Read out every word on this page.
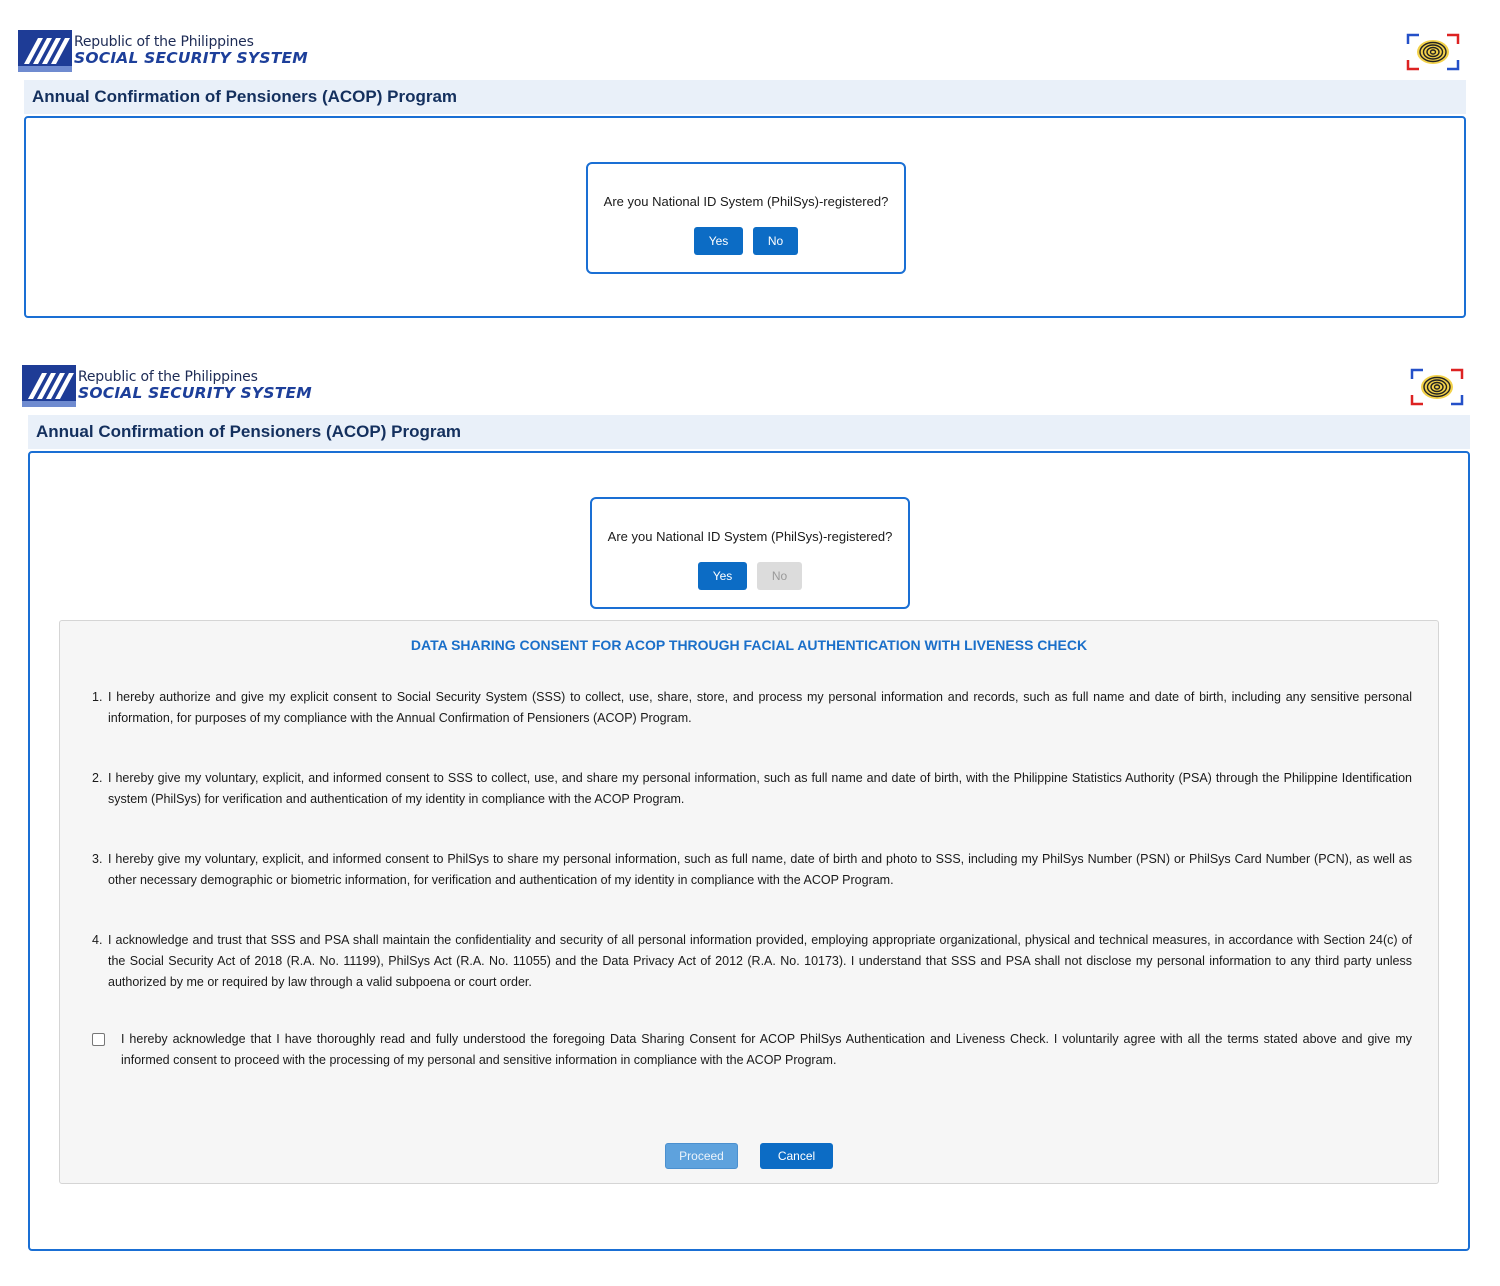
Republic of the Philippines
SOCIAL SECURITY SYSTEM
Annual Confirmation of Pensioners (ACOP) Program
Are you National ID System (PhilSys)-registered?
Yes	No
Republic of the Philippines
SOCIAL SECURITY SYSTEM
Annual Confirmation of Pensioners (ACOP) Program
Are you National ID System (PhilSys)-registered?
Yes	No
DATA SHARING CONSENT FOR ACOP THROUGH FACIAL AUTHENTICATION WITH LIVENESS CHECK
1. I hereby authorize and give my explicit consent to Social Security System (SSS) to collect, use, share, store, and process my personal information and records, such as full name and date of birth, including any sensitive personal information, for purposes of my compliance with the Annual Confirmation of Pensioners (ACOP) Program.
2. I hereby give my voluntary, explicit, and informed consent to SSS to collect, use, and share my personal information, such as full name and date of birth, with the Philippine Statistics Authority (PSA) through the Philippine Identification system (PhilSys) for verification and authentication of my identity in compliance with the ACOP Program.
3. I hereby give my voluntary, explicit, and informed consent to PhilSys to share my personal information, such as full name, date of birth and photo to SSS, including my PhilSys Number (PSN) or PhilSys Card Number (PCN), as well as other necessary demographic or biometric information, for verification and authentication of my identity in compliance with the ACOP Program.
4. I acknowledge and trust that SSS and PSA shall maintain the confidentiality and security of all personal information provided, employing appropriate organizational, physical and technical measures, in accordance with Section 24(c) of the Social Security Act of 2018 (R.A. No. 11199), PhilSys Act (R.A. No. 11055) and the Data Privacy Act of 2012 (R.A. No. 10173). I understand that SSS and PSA shall not disclose my personal information to any third party unless authorized by me or required by law through a valid subpoena or court order.
I hereby acknowledge that I have thoroughly read and fully understood the foregoing Data Sharing Consent for ACOP PhilSys Authentication and Liveness Check. I voluntarily agree with all the terms stated above and give my informed consent to proceed with the processing of my personal and sensitive information in compliance with the ACOP Program.
Proceed	Cancel
